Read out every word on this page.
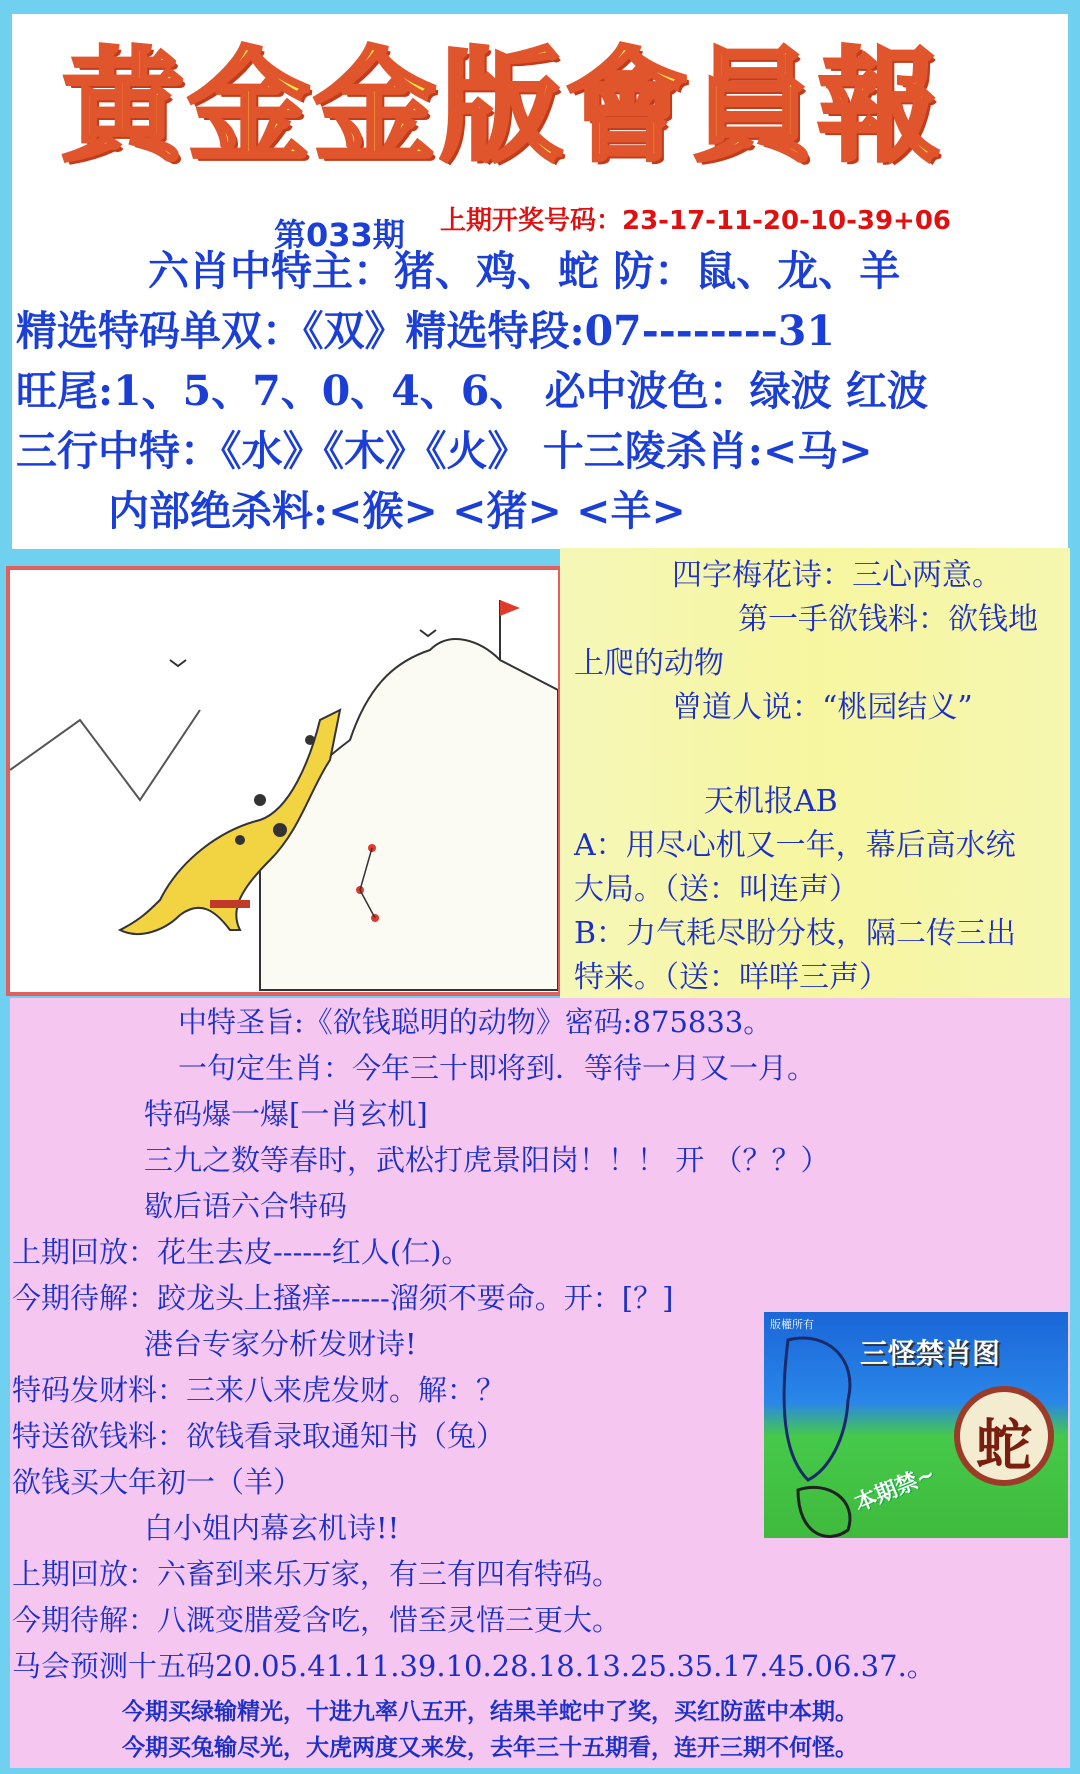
黄金金版會員報
第033期 上期开奖号码：23-17-11-20-10-39+06
六肖中特主：猪、鸡、蛇 防：鼠、龙、羊
精选特码单双：《双》精选特段:07--------31
旺尾:1、5、7、0、4、6、 必中波色：绿波 红波
三行中特：《水》《木》《火》 十三陵杀肖:<马>
内部绝杀料:<猴> <猪> <羊>
四字梅花诗：三心两意。
第一手欲钱料：欲钱地
上爬的动物
曾道人说：“桃园结义”
天机报AB
A：用尽心机又一年，幕后高水统
大局。（送：叫连声）
B：力气耗尽盼分枝，隔二传三出
特来。（送：咩咩三声）
中特圣旨:《欲钱聪明的动物》密码:875833。
一句定生肖：今年三十即将到．等待一月又一月。
特码爆一爆[一肖玄机]
三九之数等春时，武松打虎景阳岗！！！ 开 （？？）
歇后语六合特码
上期回放：花生去皮------红人(仁)。
今期待解：跤龙头上搔痒------溜须不要命。开：[？]
港台专家分析发财诗!
特码发财料：三来八来虎发财。解：？
特送欲钱料：欲钱看录取通知书（兔）
欲钱买大年初一（羊）
白小姐内幕玄机诗!!
上期回放：六畜到来乐万家，有三有四有特码。
今期待解：八溉变腊爱含吃，惜至灵悟三更大。
马会预测十五码20.05.41.11.39.10.28.18.13.25.35.17.45.06.37.。
今期买绿输精光，十进九率八五开，结果羊蛇中了奖，买红防蓝中本期。
今期买兔输尽光，大虎两度又来发，去年三十五期看，连开三期不何怪。
版權所有
三怪禁肖图
蛇
本期禁~
